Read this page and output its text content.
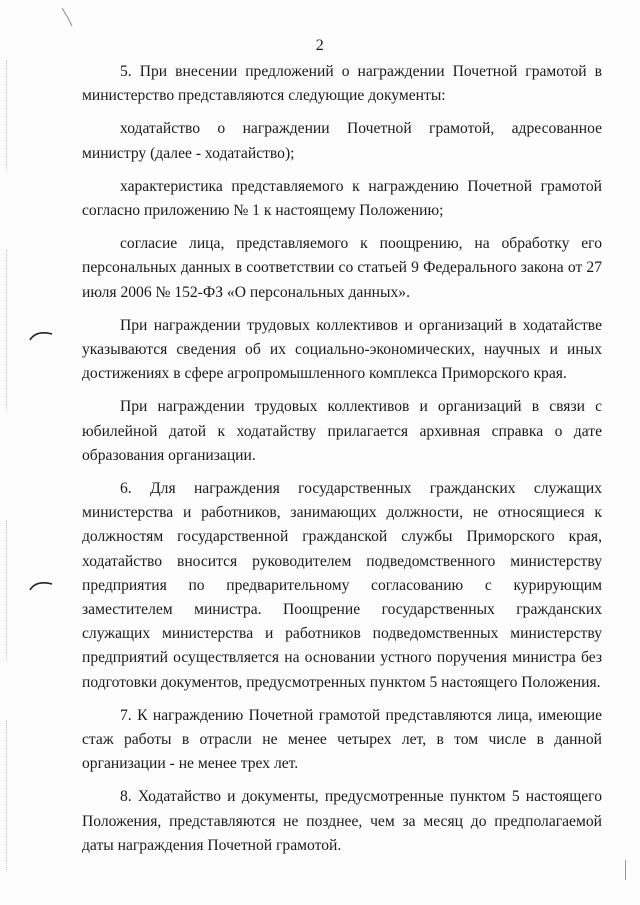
2

5. При внесении предложений о награждении Почетной грамотой в министерство представляются следующие документы:

ходатайство о награждении Почетной грамотой, адресованное министру (далее - ходатайство);

характеристика представляемого к награждению Почетной грамотой согласно приложению № 1 к настоящему Положению;

согласие лица, представляемого к поощрению, на обработку его персональных данных в соответствии со статьей 9 Федерального закона от 27 июля 2006 № 152-ФЗ «О персональных данных».

При награждении трудовых коллективов и организаций в ходатайстве указываются сведения об их социально-экономических, научных и иных достижениях в сфере агропромышленного комплекса Приморского края.

При награждении трудовых коллективов и организаций в связи с юбилейной датой к ходатайству прилагается архивная справка о дате образования организации.

6. Для награждения государственных гражданских служащих министерства и работников, занимающих должности, не относящиеся к должностям государственной гражданской службы Приморского края, ходатайство вносится руководителем подведомственного министерству предприятия по предварительному согласованию с курирующим заместителем министра. Поощрение государственных гражданских служащих министерства и работников подведомственных министерству предприятий осуществляется на основании устного поручения министра без подготовки документов, предусмотренных пунктом 5 настоящего Положения.

7. К награждению Почетной грамотой представляются лица, имеющие стаж работы в отрасли не менее четырех лет, в том числе в данной организации - не менее трех лет.

8. Ходатайство и документы, предусмотренные пунктом 5 настоящего Положения, представляются не позднее, чем за месяц до предполагаемой даты награждения Почетной грамотой.
